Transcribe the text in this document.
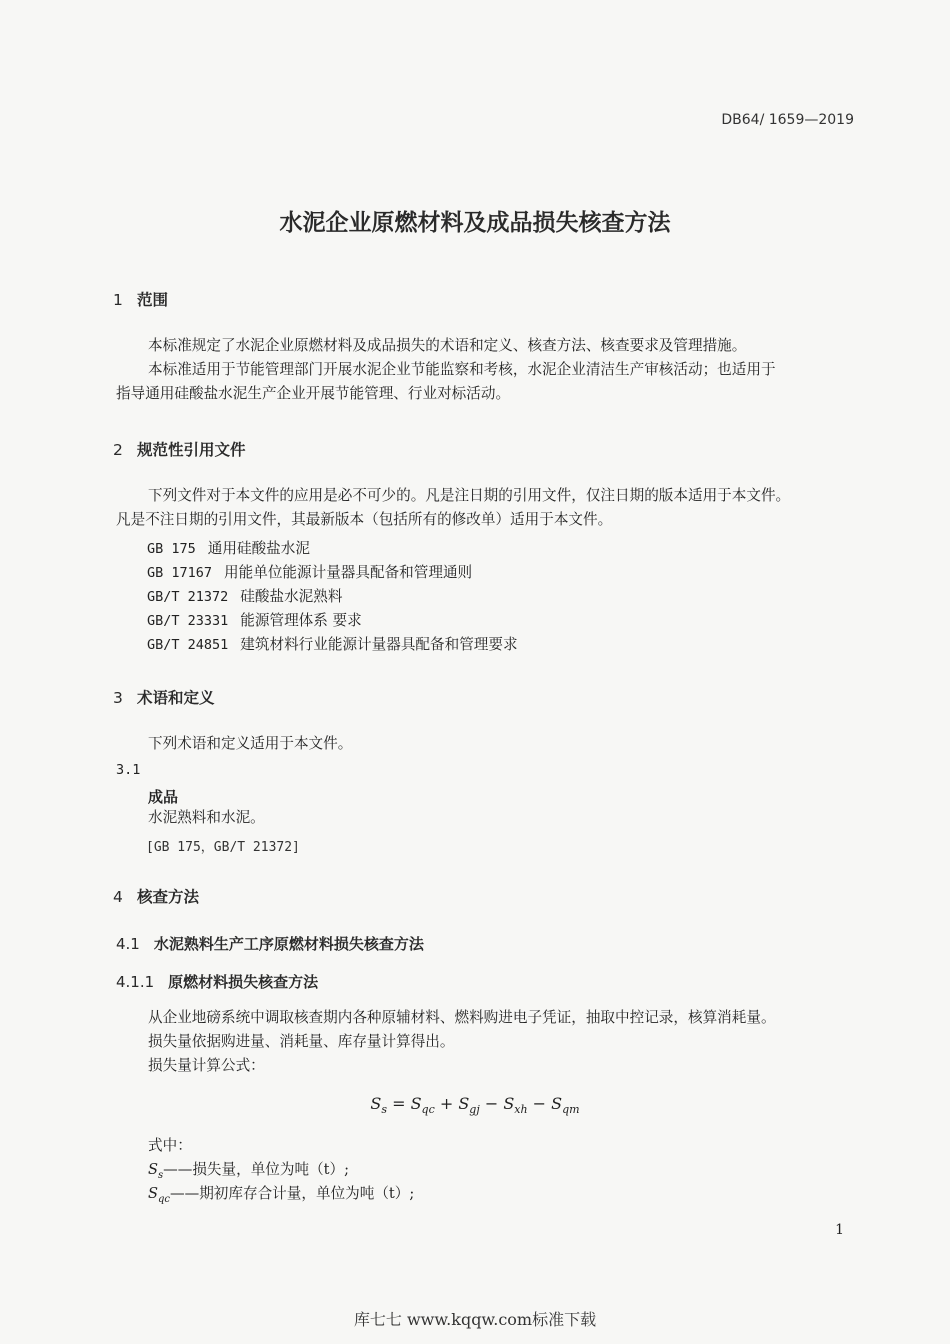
DB64/ 1659—2019
水泥企业原燃材料及成品损失核查方法
1 范围
本标准规定了水泥企业原燃材料及成品损失的术语和定义、核查方法、核查要求及管理措施。
本标准适用于节能管理部门开展水泥企业节能监察和考核，水泥企业清洁生产审核活动；也适用于
指导通用硅酸盐水泥生产企业开展节能管理、行业对标活动。
2 规范性引用文件
下列文件对于本文件的应用是必不可少的。凡是注日期的引用文件，仅注日期的版本适用于本文件。
凡是不注日期的引用文件，其最新版本（包括所有的修改单）适用于本文件。
GB 175 通用硅酸盐水泥
GB 17167 用能单位能源计量器具配备和管理通则
GB/T 21372 硅酸盐水泥熟料
GB/T 23331 能源管理体系 要求
GB/T 24851 建筑材料行业能源计量器具配备和管理要求
3 术语和定义
下列术语和定义适用于本文件。
3.1
成品
水泥熟料和水泥。
[GB 175，GB/T 21372]
4 核查方法
4.1 水泥熟料生产工序原燃材料损失核查方法
4.1.1 原燃材料损失核查方法
从企业地磅系统中调取核查期内各种原辅材料、燃料购进电子凭证，抽取中控记录，核算消耗量。
损失量依据购进量、消耗量、库存量计算得出。
损失量计算公式：
$S_s = S_{qc} + S_{gj} - S_{xh} - S_{qm}$
式中：
$S_s——$损失量，单位为吨（t）;
$S_{qc}——$期初库存合计量，单位为吨（t）;
1
库七七 www.kqqw.com标准下载
